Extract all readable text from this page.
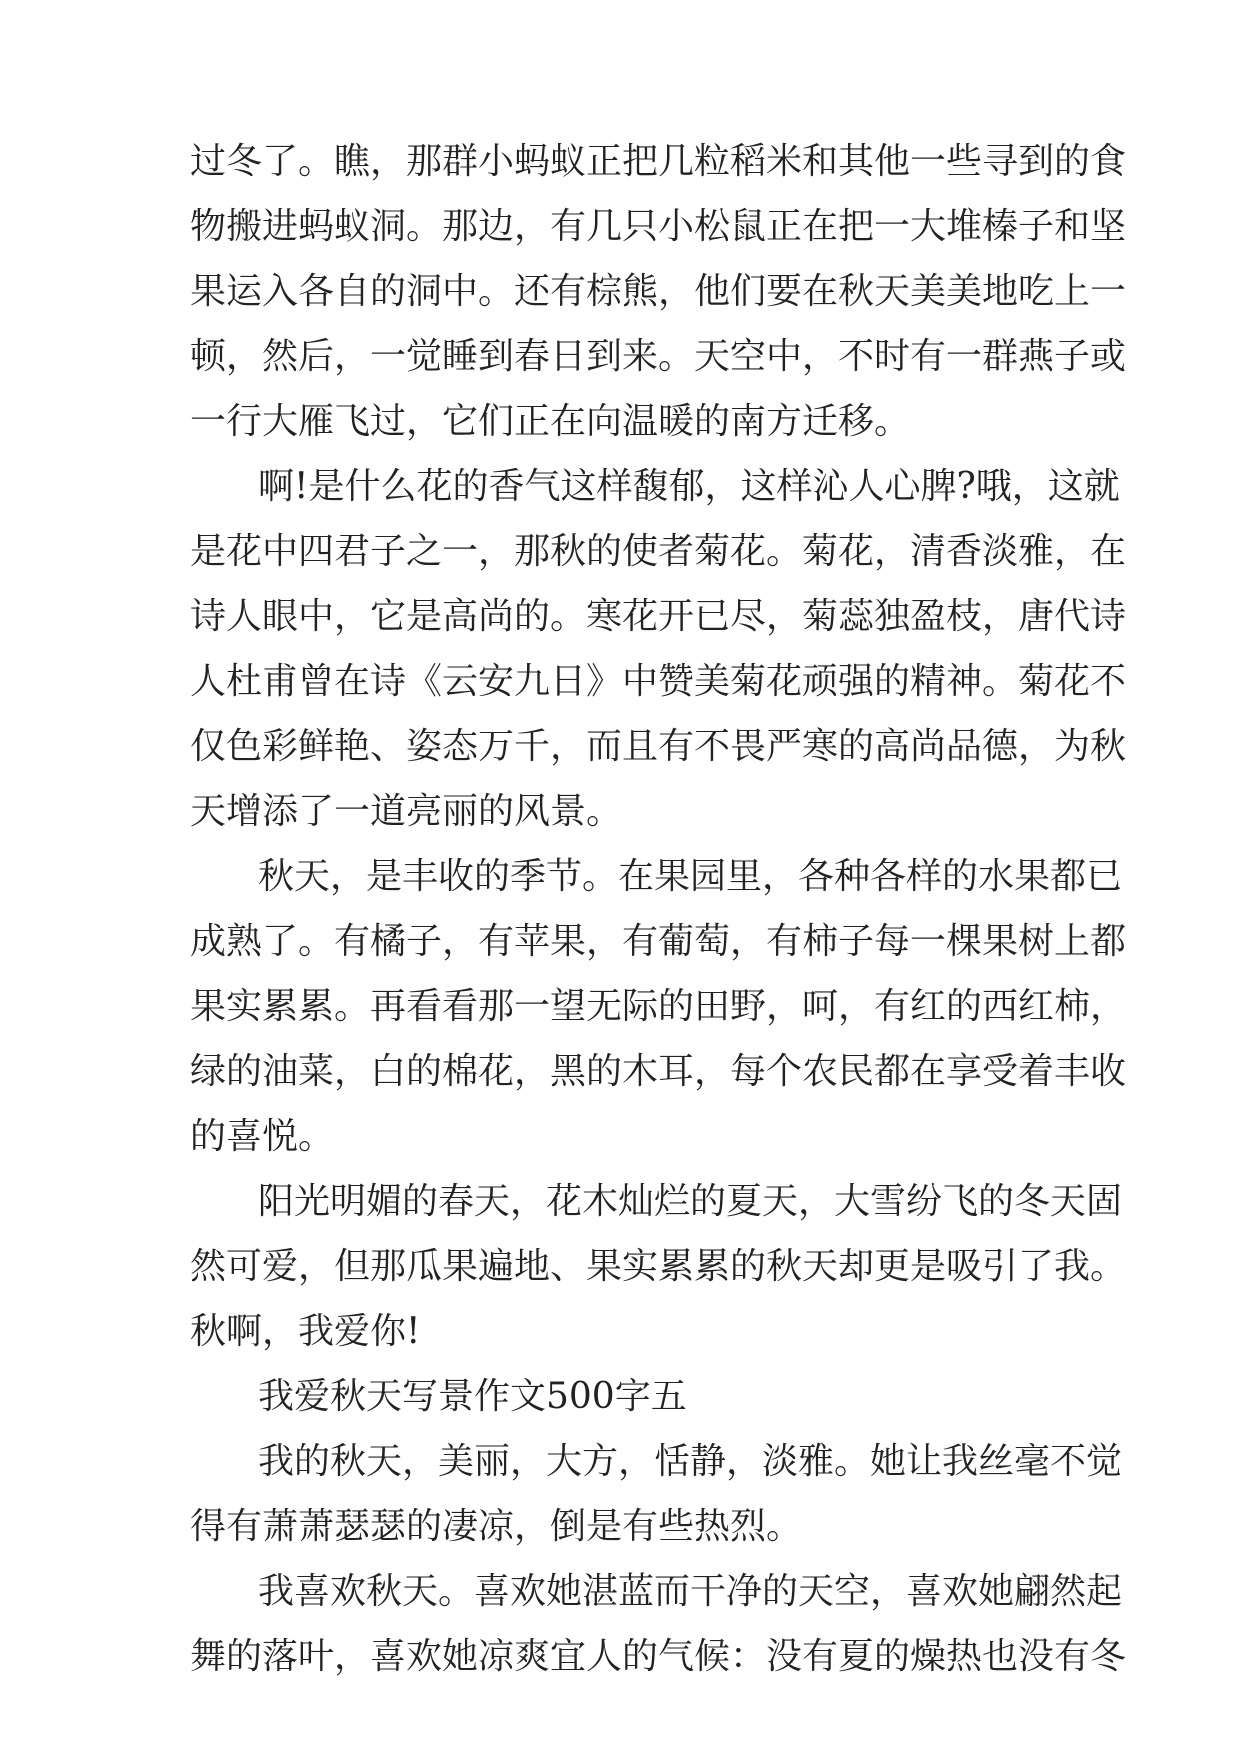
过冬了。瞧，那群小蚂蚁正把几粒稻米和其他一些寻到的食
物搬进蚂蚁洞。那边，有几只小松鼠正在把一大堆榛子和坚
果运入各自的洞中。还有棕熊，他们要在秋天美美地吃上一
顿，然后，一觉睡到春日到来。天空中，不时有一群燕子或
一行大雁飞过，它们正在向温暖的南方迁移。
啊!是什么花的香气这样馥郁，这样沁人心脾?哦，这就
是花中四君子之一，那秋的使者菊花。菊花，清香淡雅，在
诗人眼中，它是高尚的。寒花开已尽，菊蕊独盈枝，唐代诗
人杜甫曾在诗《云安九日》中赞美菊花顽强的精神。菊花不
仅色彩鲜艳、姿态万千，而且有不畏严寒的高尚品德，为秋
天增添了一道亮丽的风景。
秋天，是丰收的季节。在果园里，各种各样的水果都已
成熟了。有橘子，有苹果，有葡萄，有柿子每一棵果树上都
果实累累。再看看那一望无际的田野，呵，有红的西红柿，
绿的油菜，白的棉花，黑的木耳，每个农民都在享受着丰收
的喜悦。
阳光明媚的春天，花木灿烂的夏天，大雪纷飞的冬天固
然可爱，但那瓜果遍地、果实累累的秋天却更是吸引了我。
秋啊，我爱你!
我爱秋天写景作文500字五
我的秋天，美丽，大方，恬静，淡雅。她让我丝毫不觉
得有萧萧瑟瑟的凄凉，倒是有些热烈。
我喜欢秋天。喜欢她湛蓝而干净的天空，喜欢她翩然起
舞的落叶，喜欢她凉爽宜人的气候：没有夏的燥热也没有冬
